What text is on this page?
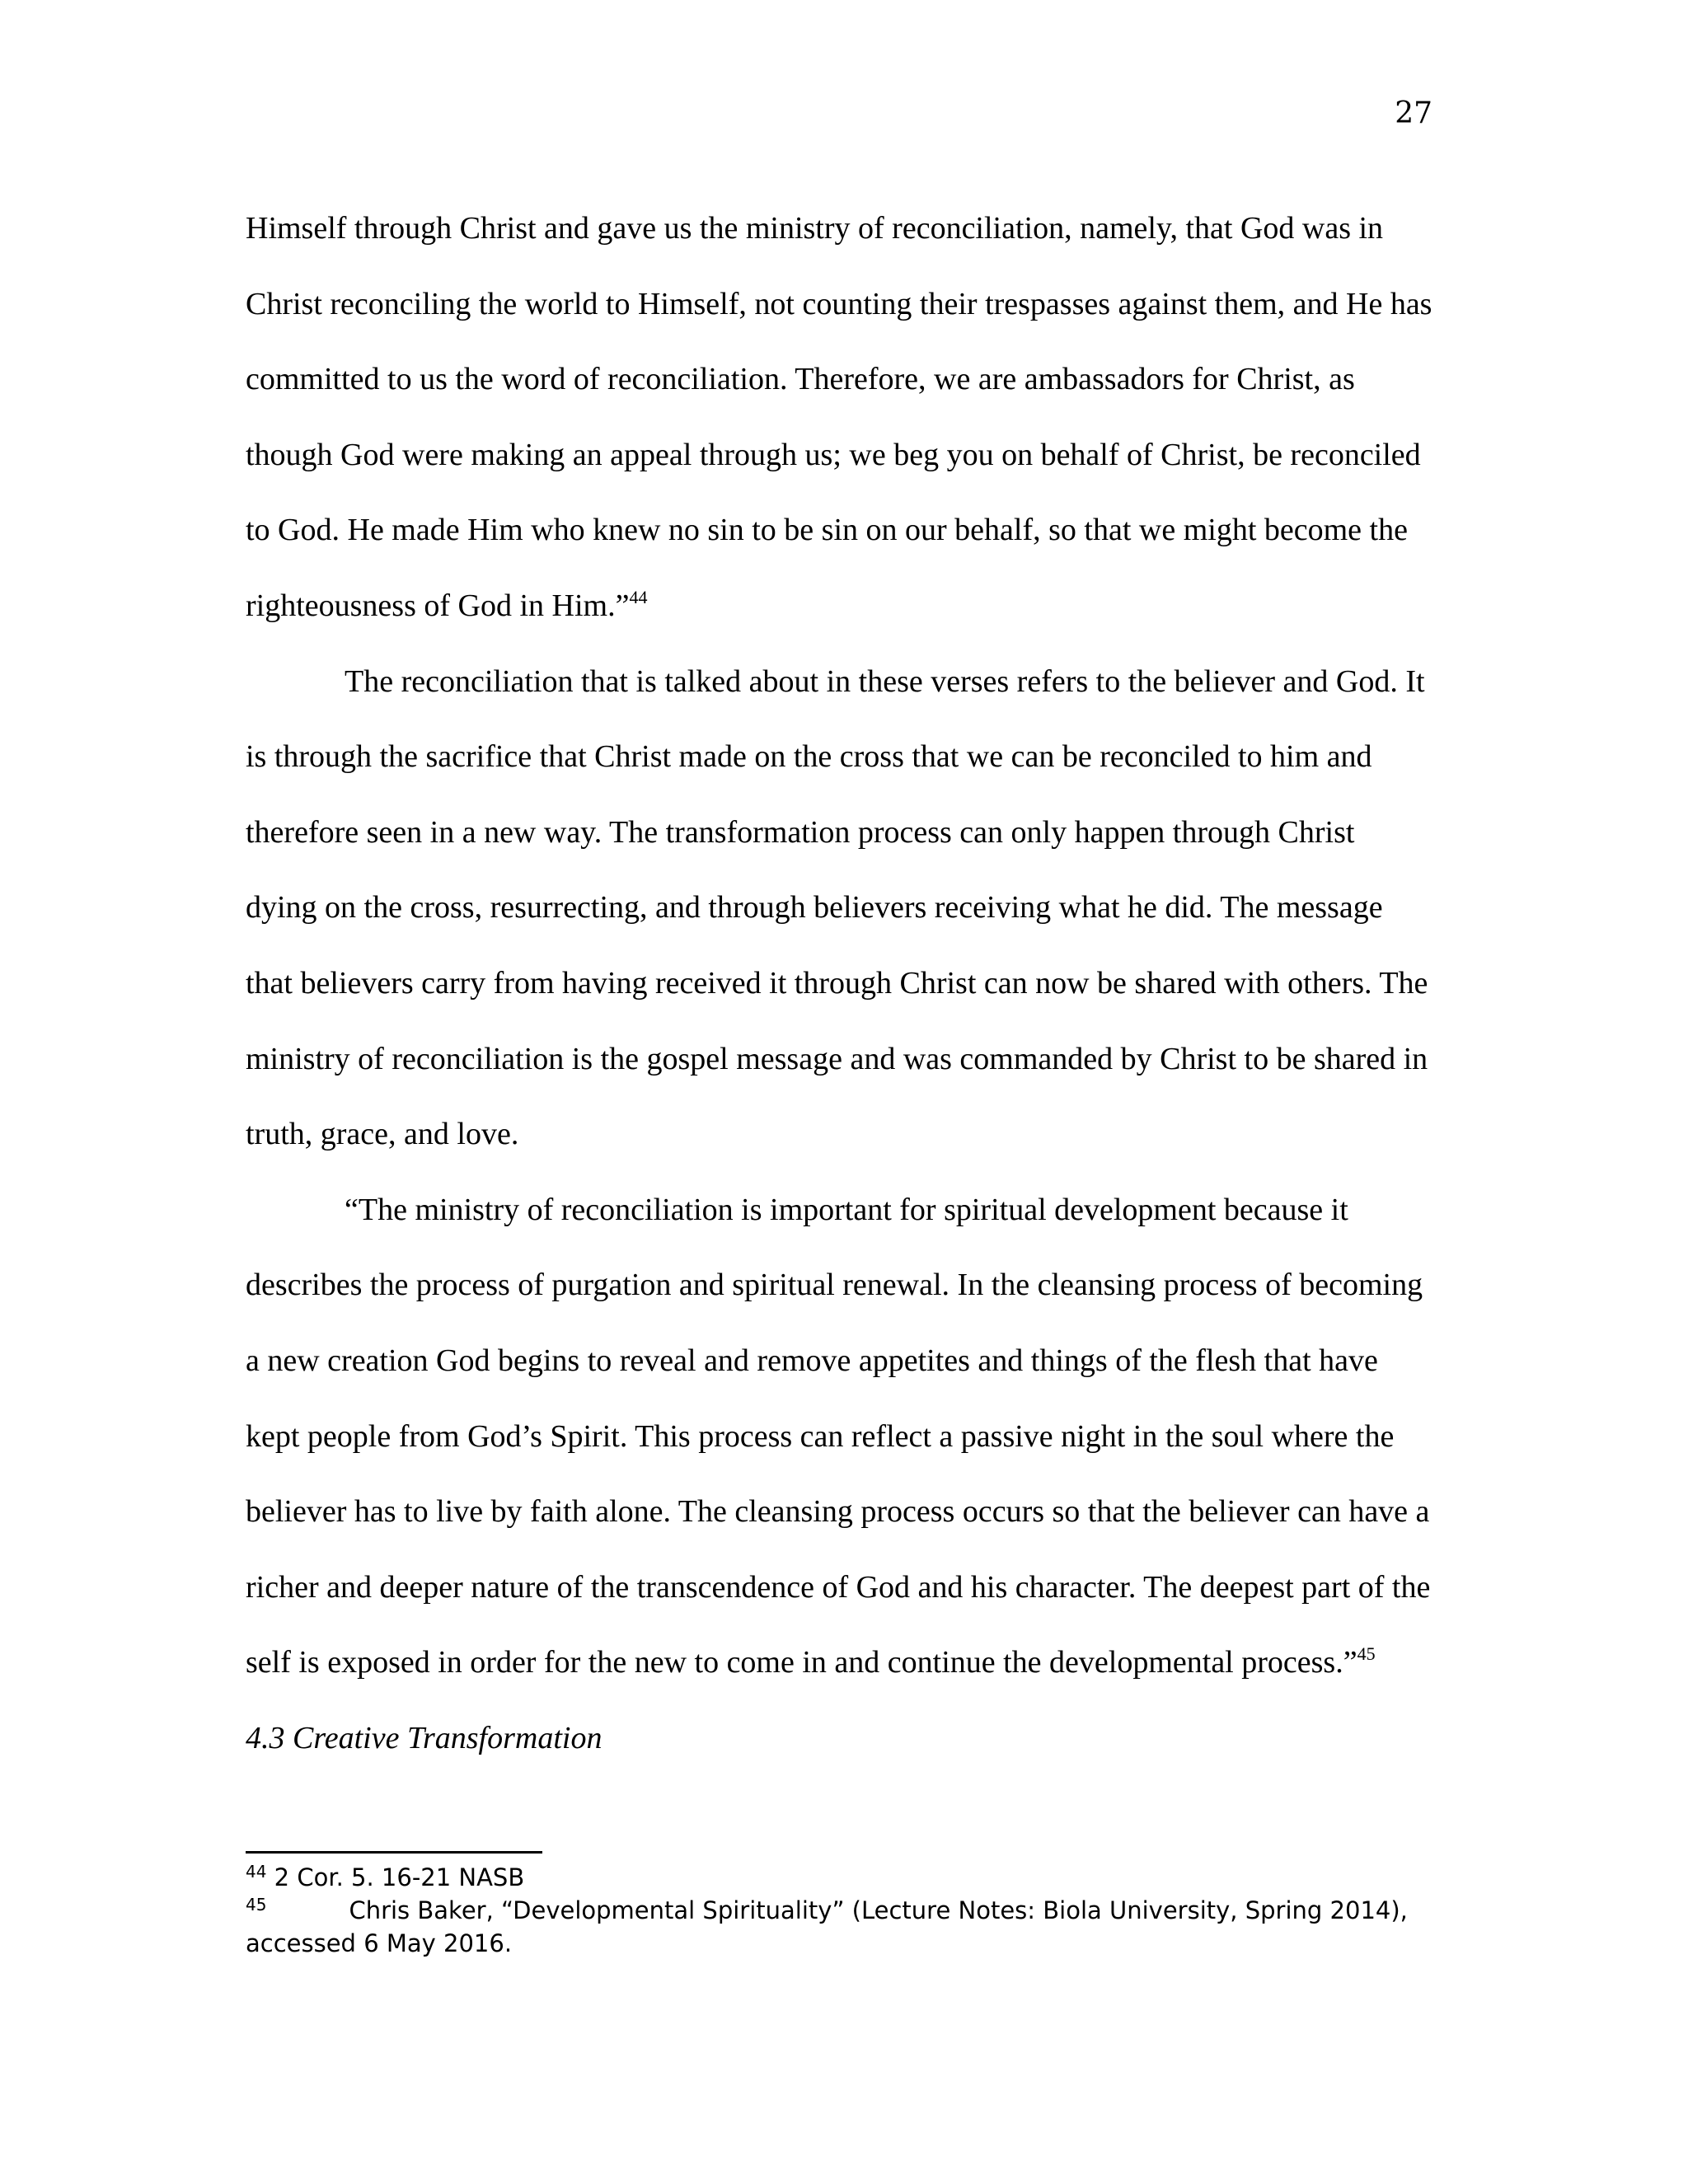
27

Himself through Christ and gave us the ministry of reconciliation, namely, that God was in Christ reconciling the world to Himself, not counting their trespasses against them, and He has committed to us the word of reconciliation. Therefore, we are ambassadors for Christ, as though God were making an appeal through us; we beg you on behalf of Christ, be reconciled to God. He made Him who knew no sin to be sin on our behalf, so that we might become the righteousness of God in Him.”$^{44}$

The reconciliation that is talked about in these verses refers to the believer and God. It is through the sacrifice that Christ made on the cross that we can be reconciled to him and therefore seen in a new way. The transformation process can only happen through Christ dying on the cross, resurrecting, and through believers receiving what he did. The message that believers carry from having received it through Christ can now be shared with others. The ministry of reconciliation is the gospel message and was commanded by Christ to be shared in truth, grace, and love.

“The ministry of reconciliation is important for spiritual development because it describes the process of purgation and spiritual renewal. In the cleansing process of becoming a new creation God begins to reveal and remove appetites and things of the flesh that have kept people from God’s Spirit. This process can reflect a passive night in the soul where the believer has to live by faith alone. The cleansing process occurs so that the believer can have a richer and deeper nature of the transcendence of God and his character. The deepest part of the self is exposed in order for the new to come in and continue the developmental process.”$^{45}$

4.3 Creative Transformation

$^{44}$ 2 Cor. 5. 16-21 NASB

$^{45}$	Chris Baker, “Developmental Spirituality” (Lecture Notes: Biola University, Spring 2014), accessed 6 May 2016.
